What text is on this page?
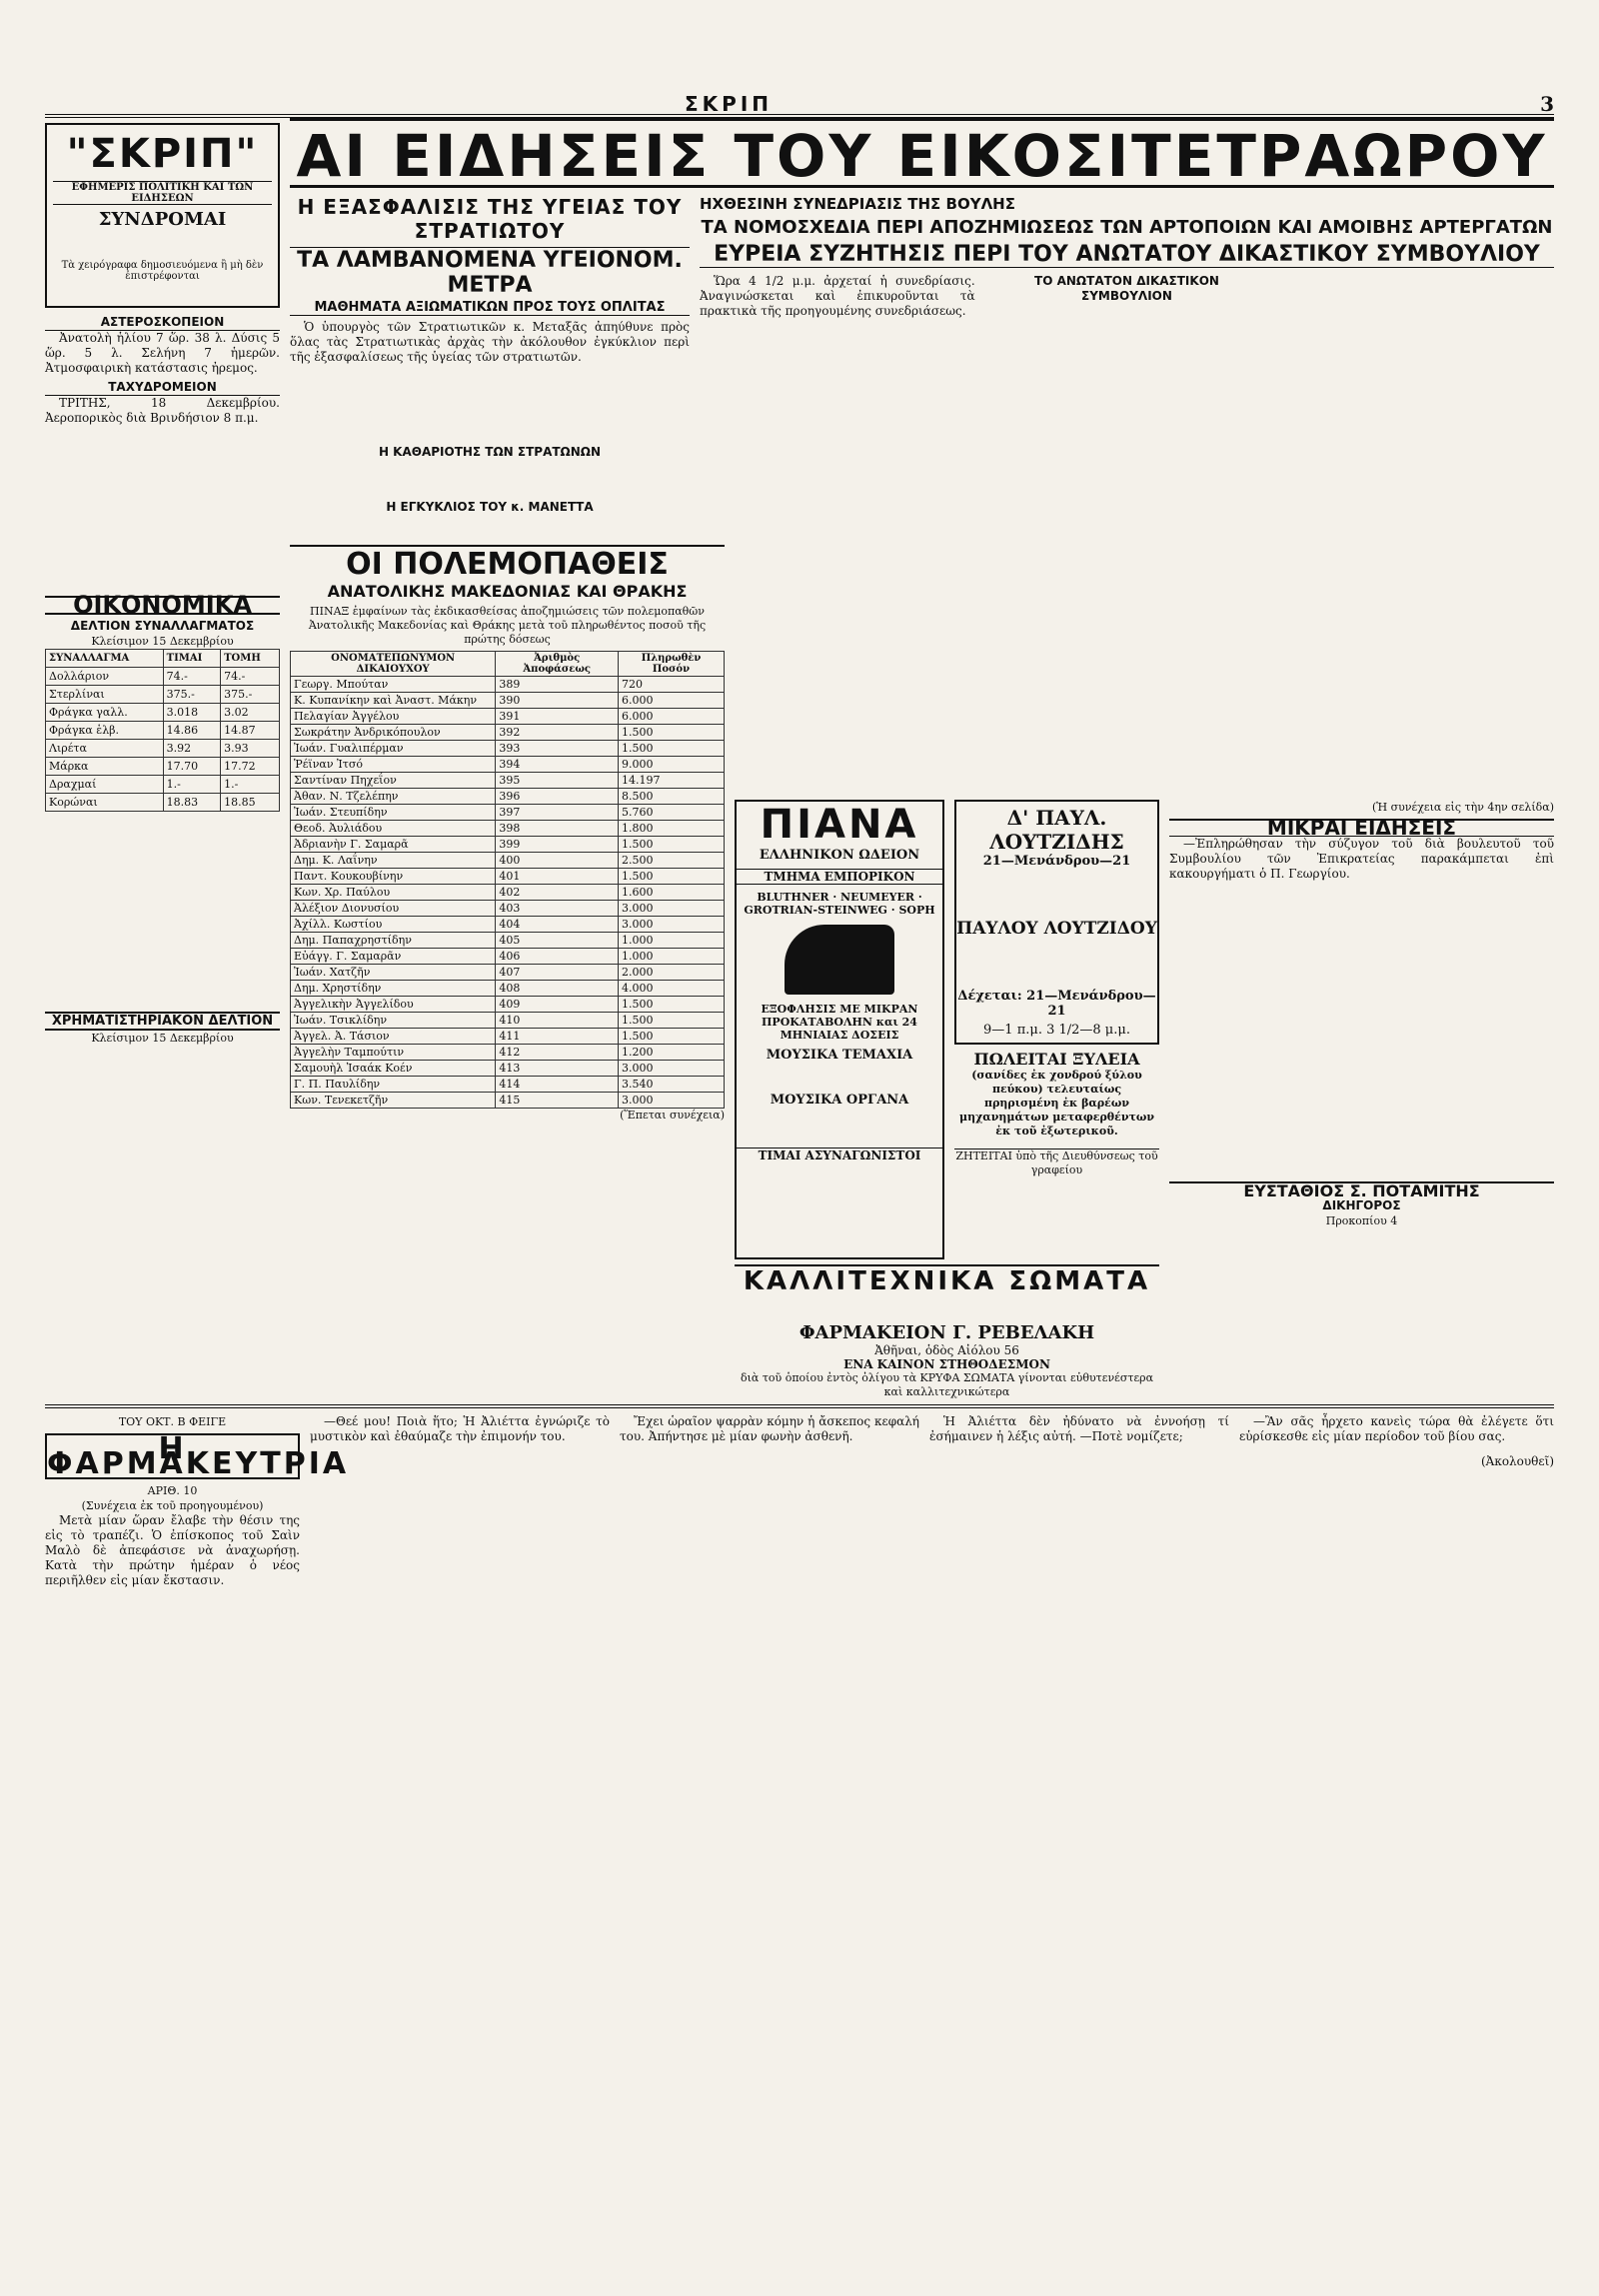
ΣΚΡΙΠ	3
"ΣΚΡΙΠ"
ΕΦΗΜΕΡΙΣ ΠΟΛΙΤΙΚΗ ΚΑΙ ΤΩΝ ΕΙΔΗΣΕΩΝ
ΣΥΝΔΡΟΜΑΙ
Τὰ χειρόγραφα δημοσιευόμενα ἢ μὴ δὲν ἐπιστρέφονται
ΑΙ ΕΙΔΗΣΕΙΣ ΤΟΥ ΕΙΚΟΣΙΤΕΤΡΑΩΡΟΥ
ΑΣΤΕΡΟΣΚΟΠΕΙΟΝ

Ἀνατολὴ ἡλίου 7 ὥρ. 38 λ. Δύσις 5 ὥρ. 5 λ. Σελήνη 7 ἡμερῶν. Ἀτμοσφαιρικὴ κατάστασις ἠρεμος.

ΤΑΧΥΔΡΟΜΕΙΟΝ

ΤΡΙΤΗΣ, 18 Δεκεμβρίου. Ἀεροπορικὸς διὰ Βρινδήσιον 8 π.μ.

ΟΙΚΟΝΟΜΙΚΑ
ΔΕΛΤΙΟΝ ΣΥΝΑΛΛΑΓΜΑΤΟΣ
Κλείσιμον 15 Δεκεμβρίου
ΣΥΝΑΛΛΑΓΜΑ	ΤΙΜΑΙ	ΤΟΜΗ
Δολλάριον	74.-	74.-
Στερλίναι	375.-	375.-
Φράγκα γαλλ.	3.018	3.02
Φράγκα ἑλβ.	14.86	14.87
Λιρέτα	3.92	3.93
Μάρκα	17.70	17.72
Δραχμαί	1.-	1.-
Κορώναι	18.83	18.85
ΧΡΗΜΑΤΙΣΤΗΡΙΑΚΟΝ ΔΕΛΤΙΟΝ
Κλείσιμον 15 Δεκεμβρίου
Η ΕΞΑΣΦΑΛΙΣΙΣ ΤΗΣ ΥΓΕΙΑΣ ΤΟΥ ΣΤΡΑΤΙΩΤΟΥ
ΤΑ ΛΑΜΒΑΝΟΜΕΝΑ ΥΓΕΙΟΝΟΜ. ΜΕΤΡΑ
ΜΑΘΗΜΑΤΑ ΑΞΙΩΜΑΤΙΚΩΝ ΠΡΟΣ ΤΟΥΣ ΟΠΛΙΤΑΣ

Ὁ ὑπουργὸς τῶν Στρατιωτικῶν κ. Μεταξᾶς ἀπηύθυνε πρὸς ὅλας τὰς Στρατιωτικὰς ἀρχὰς τὴν ἀκόλουθον ἐγκύκλιον περὶ τῆς ἐξασφαλίσεως τῆς ὑγείας τῶν στρατιωτῶν.

Η ΚΑΘΑΡΙΟΤΗΣ ΤΩΝ ΣΤΡΑΤΩΝΩΝ
Η ΕΓΚΥΚΛΙΟΣ ΤΟΥ κ. ΜΑΝΕΤΤΑ
ΗΧΘΕΣΙΝΗ ΣΥΝΕΔΡΙΑΣΙΣ ΤΗΣ ΒΟΥΛΗΣ
ΤΑ ΝΟΜΟΣΧΕΔΙΑ ΠΕΡΙ ΑΠΟΖΗΜΙΩΣΕΩΣ ΤΩΝ ΑΡΤΟΠΟΙΩΝ ΚΑΙ ΑΜΟΙΒΗΣ ΑΡΤΕΡΓΑΤΩΝ
ΕΥΡΕΙΑ ΣΥΖΗΤΗΣΙΣ ΠΕΡΙ ΤΟΥ ΑΝΩΤΑΤΟΥ ΔΙΚΑΣΤΙΚΟΥ ΣΥΜΒΟΥΛΙΟΥ

Ὥρα 4 1/2 μ.μ. ἀρχεταί ἡ συνεδρίασις. Ἀναγινώσκεται καὶ ἐπικυροῦνται τὰ πρακτικὰ τῆς προηγουμένης συνεδριάσεως.

ΤΟ ΑΝΩΤΑΤΟΝ ΔΙΚΑΣΤΙΚΟΝ ΣΥΜΒΟΥΛΙΟΝ
ΟΙ ΠΟΛΕΜΟΠΑΘΕΙΣ
ΑΝΑΤΟΛΙΚΗΣ ΜΑΚΕΔΟΝΙΑΣ ΚΑΙ ΘΡΑΚΗΣ
ΠΙΝΑΞ ἐμφαίνων τὰς ἐκδικασθείσας ἀποζημιώσεις τῶν πολεμοπαθῶν Ἀνατολικῆς Μακεδονίας καὶ Θράκης μετὰ τοῦ πληρωθέντος ποσοῦ τῆς πρώτης δόσεως
ΟΝΟΜΑΤΕΠΩΝΥΜΟΝ ΔΙΚΑΙΟΥΧΟΥ	Ἀριθμὸς Ἀποφάσεως	Πληρωθὲν Ποσόν
Γεωργ. Μπούταν	389	720
Κ. Κυπανίκην καὶ Ἀναστ. Μάκην	390	6.000
Πελαγίαν Ἀγγέλου	391	6.000
Σωκράτην Ἀνδρικόπουλον	392	1.500
Ἰωάν. Γυαλιπέρμαν	393	1.500
Ῥέϊναν Ἰτσό	394	9.000
Σαντίναν Πηχεΐον	395	14.197
Ἀθαν. Ν. Τζελέπην	396	8.500
Ἰωάν. Στευπίδην	397	5.760
Θεοδ. Ἀυλιάδου	398	1.800
Ἀδριανὴν Γ. Σαμαρᾶ	399	1.500
Δημ. Κ. Λαΐνην	400	2.500
Παντ. Κουκουβίνην	401	1.500
Κων. Χρ. Παύλου	402	1.600
Ἀλέξιον Διονυσίου	403	3.000
Ἀχίλλ. Κωστίου	404	3.000
Δημ. Παπαχρηστίδην	405	1.000
Εὐάγγ. Γ. Σαμαρᾶν	406	1.000
Ἰωάν. Χατζῆν	407	2.000
Δημ. Χρηστίδην	408	4.000
Ἀγγελικὴν Ἀγγελίδου	409	1.500
Ἰωάν. Τσικλίδην	410	1.500
Ἀγγελ. Ἀ. Τάσιον	411	1.500
Ἀγγελὴν Ταμπούτιν	412	1.200
Σαμουὴλ Ἰσαάκ Κοέν	413	3.000
Γ. Π. Παυλίδην	414	3.540
Κων. Τενεκετζῆν	415	3.000
(Ἕπεται συνέχεια)
ΠΙΑΝΑ
ΕΛΛΗΝΙΚΟΝ ΩΔΕΙΟΝ
ΤΜΗΜΑ ΕΜΠΟΡΙΚΟΝ
BLUTHNER · NEUMEYER · GROTRIAN-STEINWEG · SOPH
ΕΞΟΦΛΗΣΙΣ ΜΕ ΜΙΚΡΑΝ ΠΡΟΚΑΤΑΒΟΛΗΝ και 24 ΜΗΝΙΑΙΑΣ ΔΟΣΕΙΣ
ΜΟΥΣΙΚΑ ΤΕΜΑΧΙΑ
ΜΟΥΣΙΚΑ ΟΡΓΑΝΑ
ΤΙΜΑΙ ΑΣΥΝΑΓΩΝΙΣΤΟΙ
Δ' ΠΑΥΛ. ΛΟΥΤΖΙΔΗΣ
21—Μενάνδρου—21
ΠΑΥΛΟΥ ΛΟΥΤΖΙΔΟΥ
Δέχεται: 21—Μενάνδρου—21
9—1 π.μ. 3 1/2—8 μ.μ.
ΠΩΛΕΙΤΑΙ ΞΥΛΕΙΑ
(σανίδες ἐκ χονδρού ξύλου πεύκου) τελευταίως πρηρισμένη ἐκ βαρέων μηχανημάτων μεταφερθέντων ἐκ τοῦ ἐξωτερικοῦ.
ΖΗΤΕΙΤΑΙ ὑπὸ τῆς Διευθύνσεως τοῦ γραφείου
ΚΑΛΛΙΤΕΧΝΙΚΑ ΣΩΜΑΤΑ
ΦΑΡΜΑΚΕΙΟΝ Γ. ΡΕΒΕΛΑΚΗ
Ἀθῆναι, ὁδὸς Αἰόλου 56
ΕΝΑ ΚΑΙΝΟΝ ΣΤΗΘΟΔΕΣΜΟΝ
διὰ τοῦ ὁποίου ἐντὸς ὀλίγου τὰ ΚΡΥΦΑ ΣΩΜΑΤΑ γίνονται εὐθυτενέστερα καὶ καλλιτεχνικώτερα
(Ἡ συνέχεια εἰς τὴν 4ην σελίδα)
ΜΙΚΡΑΙ ΕΙΔΗΣΕΙΣ

—Ἐπληρώθησαν τὴν σύζυγον τοῦ διὰ βουλευτοῦ τοῦ Συμβουλίου τῶν Ἐπικρατείας παρακάμπεται ἐπὶ κακουργήματι ὁ Π. Γεωργίου.

ΕΥΣΤΑΘΙΟΣ Σ. ΠΟΤΑΜΙΤΗΣ
ΔΙΚΗΓΟΡΟΣ
Προκοπίου 4
ΤΟΥ ΟΚΤ. Β ΦΕΙΓΕ
Η ΦΑΡΜΑΚΕΥΤΡΙΑ
ΑΡΙΘ. 10
(Συνέχεια ἐκ τοῦ προηγουμένου)

Μετὰ μίαν ὥραν ἔλαβε τὴν θέσιν της εἰς τὸ τραπέζι. Ὁ ἐπίσκοπος τοῦ Σαὶν Μαλὸ δὲ ἀπεφάσισε νὰ ἀναχωρήσῃ. Κατὰ τὴν πρώτην ἡμέραν ὁ νέος περιῆλθεν εἰς μίαν ἔκστασιν.

—Θεέ μου! Ποιὰ ἥτο; Ἡ Ἀλιέττα ἐγνώριζε τὸ μυστικὸν καὶ ἐθαύμαζε τὴν ἐπιμονήν του.

Ἔχει ὡραῖον ψαρρὰν κόμην ἡ ἄσκεπος κεφαλή του. Ἀπήντησε μὲ μίαν φωνὴν ἀσθενῆ.

Ἡ Ἀλιέττα δὲν ἠδύνατο νὰ ἐννοήσῃ τί ἐσήμαινεν ἡ λέξις αὐτή. —Ποτὲ νομίζετε;

—Ἂν σᾶς ἦρχετο κανεὶς τώρα θὰ ἐλέγετε ὅτι εὑρίσκεσθε εἰς μίαν περίοδον τοῦ βίου σας.

(Ἀκολουθεῖ)
